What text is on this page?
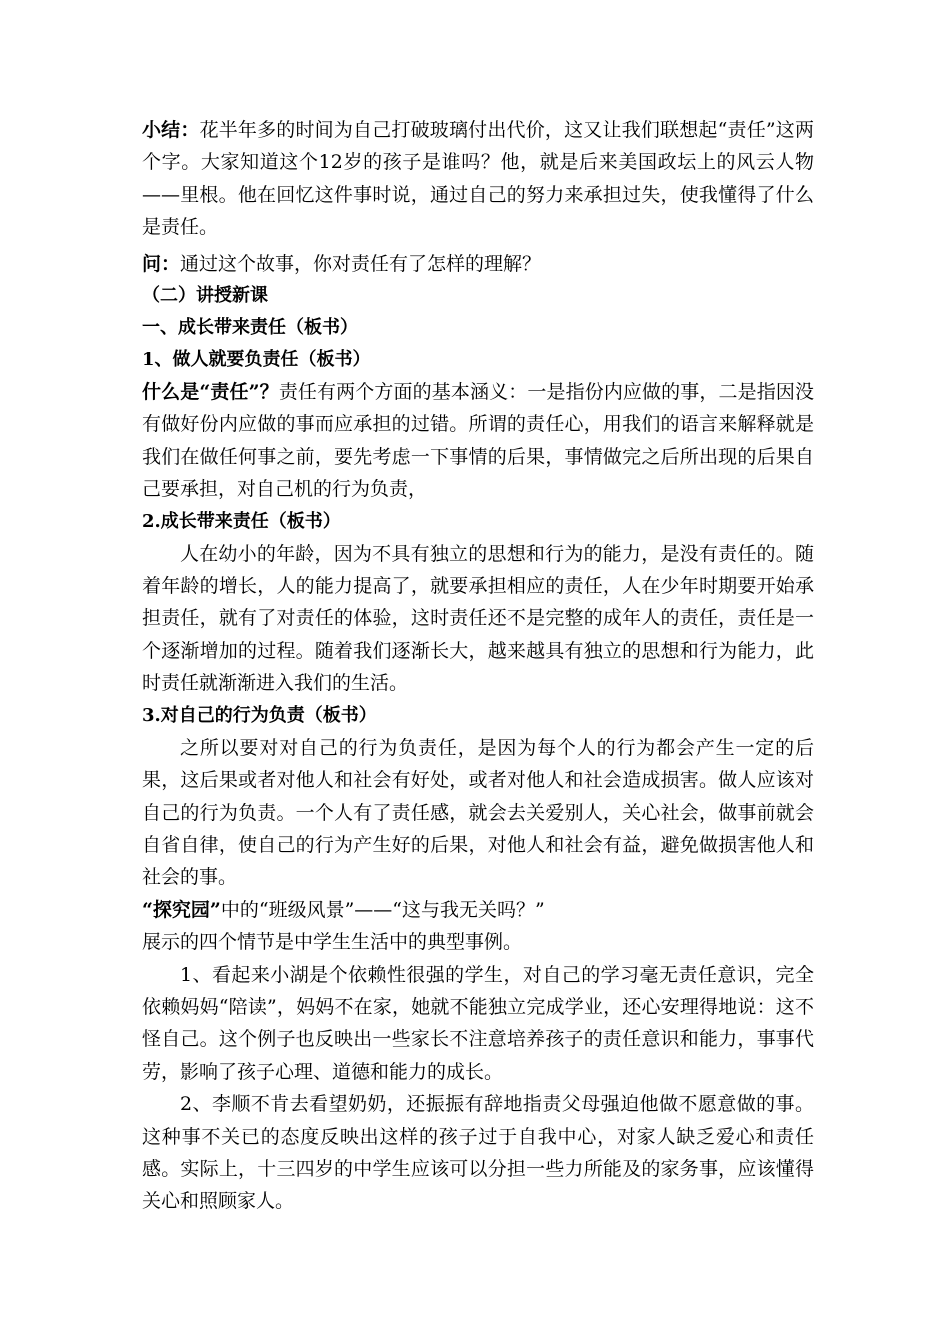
小结：花半年多的时间为自己打破玻璃付出代价，这又让我们联想起“责任”这两个字。大家知道这个12岁的孩子是谁吗？他，就是后来美国政坛上的风云人物——里根。他在回忆这件事时说，通过自己的努力来承担过失，使我懂得了什么是责任。

问：通过这个故事，你对责任有了怎样的理解？

（二）讲授新课

一、成长带来责任（板书）

1、做人就要负责任（板书）

什么是“责任”？责任有两个方面的基本涵义：一是指份内应做的事，二是指因没有做好份内应做的事而应承担的过错。所谓的责任心，用我们的语言来解释就是我们在做任何事之前，要先考虑一下事情的后果，事情做完之后所出现的后果自己要承担，对自己机的行为负责，

2.成长带来责任（板书）

人在幼小的年龄，因为不具有独立的思想和行为的能力，是没有责任的。随着年龄的增长，人的能力提高了，就要承担相应的责任，人在少年时期要开始承担责任，就有了对责任的体验，这时责任还不是完整的成年人的责任，责任是一个逐渐增加的过程。随着我们逐渐长大，越来越具有独立的思想和行为能力，此时责任就渐渐进入我们的生活。

3.对自己的行为负责（板书）

之所以要对对自己的行为负责任，是因为每个人的行为都会产生一定的后果，这后果或者对他人和社会有好处，或者对他人和社会造成损害。做人应该对自己的行为负责。一个人有了责任感，就会去关爱别人，关心社会，做事前就会自省自律，使自己的行为产生好的后果，对他人和社会有益，避免做损害他人和社会的事。

“探究园”中的“班级风景”——“这与我无关吗？”

展示的四个情节是中学生生活中的典型事例。

1、看起来小湖是个依赖性很强的学生，对自己的学习毫无责任意识，完全依赖妈妈“陪读”，妈妈不在家，她就不能独立完成学业，还心安理得地说：这不怪自己。这个例子也反映出一些家长不注意培养孩子的责任意识和能力，事事代劳，影响了孩子心理、道德和能力的成长。

2、李顺不肯去看望奶奶，还振振有辞地指责父母强迫他做不愿意做的事。这种事不关已的态度反映出这样的孩子过于自我中心，对家人缺乏爱心和责任感。实际上，十三四岁的中学生应该可以分担一些力所能及的家务事，应该懂得关心和照顾家人。
